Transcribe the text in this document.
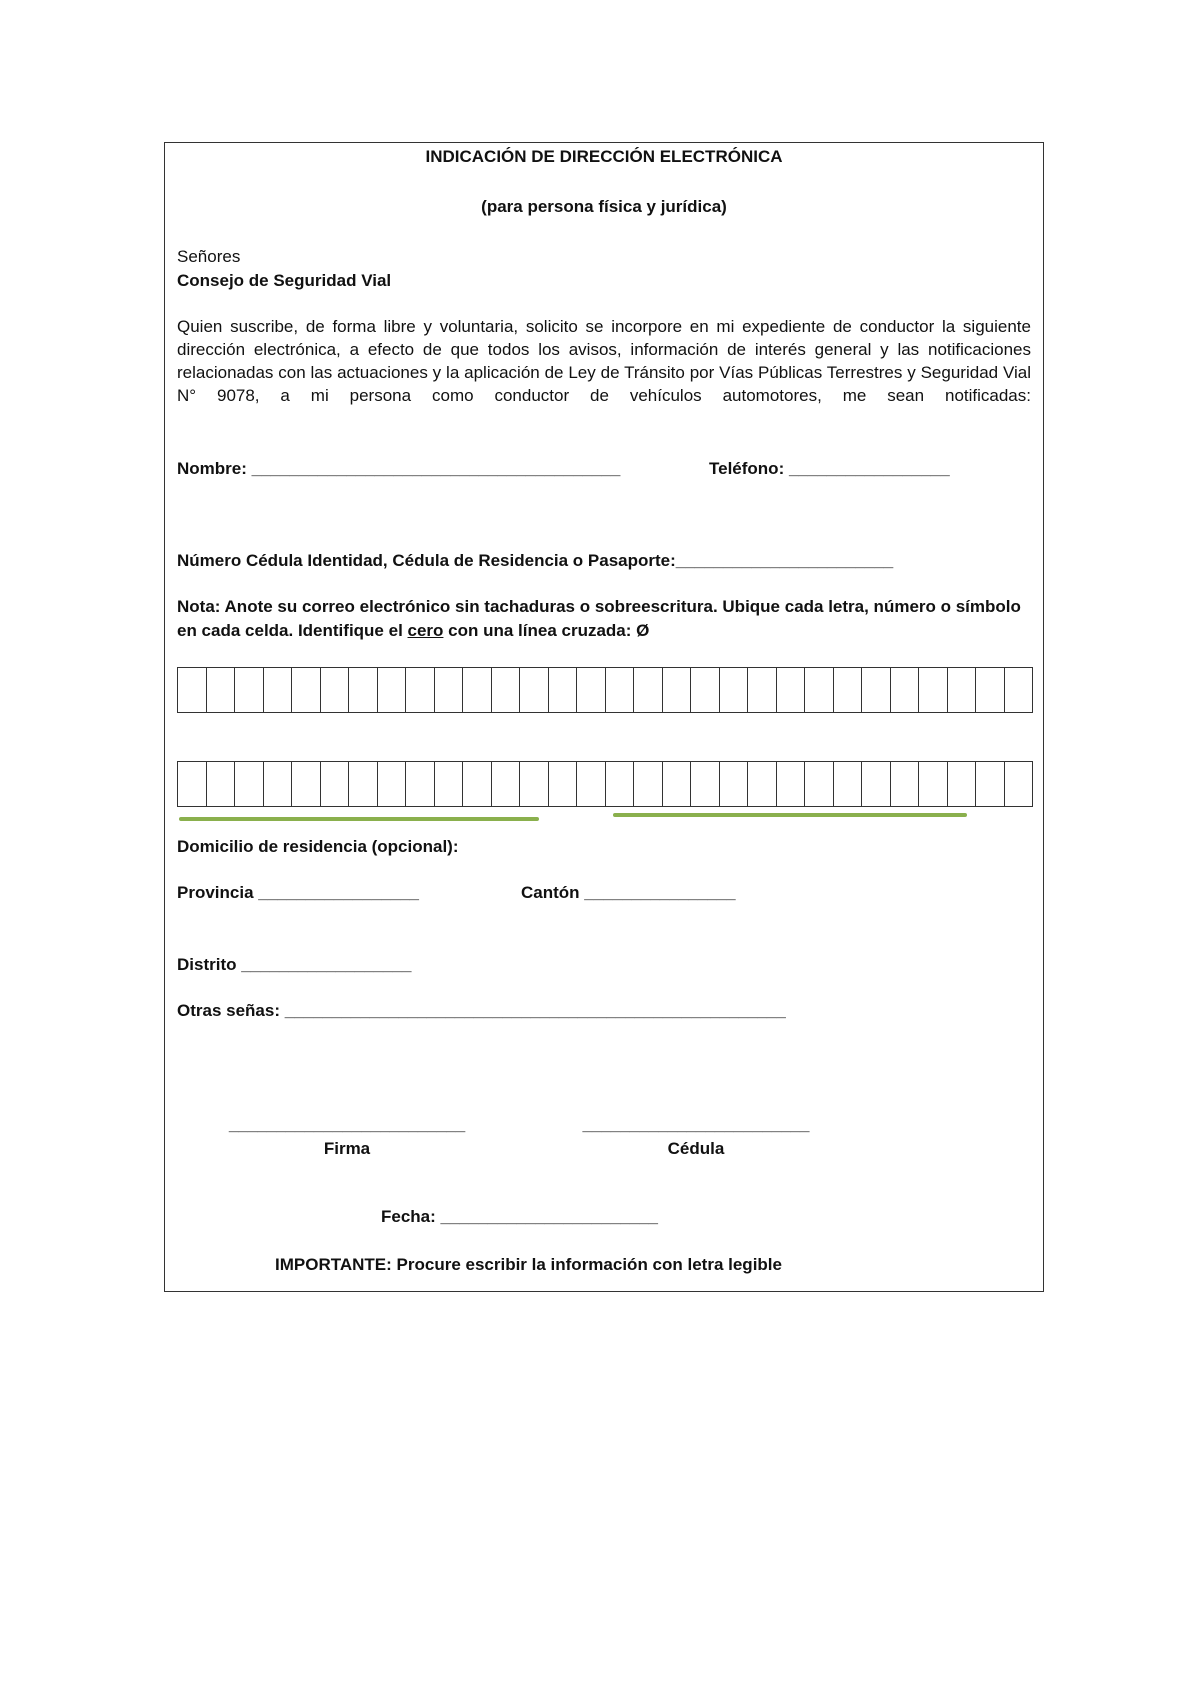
INDICACIÓN DE DIRECCIÓN ELECTRÓNICA
(para persona física y jurídica)
Señores
Consejo de Seguridad Vial
Quien suscribe, de forma libre y voluntaria, solicito se incorpore en mi expediente de conductor la siguiente dirección electrónica, a efecto de que todos los avisos, información de interés general y las notificaciones relacionadas con las actuaciones y la aplicación de Ley de Tránsito por Vías Públicas Terrestres y Seguridad Vial N° 9078, a mi persona como conductor de vehículos automotores, me sean notificadas:
Nombre: _______________________________________	Teléfono: _________________
Número Cédula Identidad, Cédula de Residencia o Pasaporte:_______________________
Nota: Anote su correo electrónico sin tachaduras o sobreescritura. Ubique cada letra, número o símbolo en cada celda. Identifique el cero con una línea cruzada: Ø
Domicilio de residencia (opcional):
Provincia _________________	Cantón ________________
Distrito __________________
Otras señas: _____________________________________________________
_________________________
Firma
________________________
Cédula
Fecha: _______________________
IMPORTANTE: Procure escribir la información con letra legible
